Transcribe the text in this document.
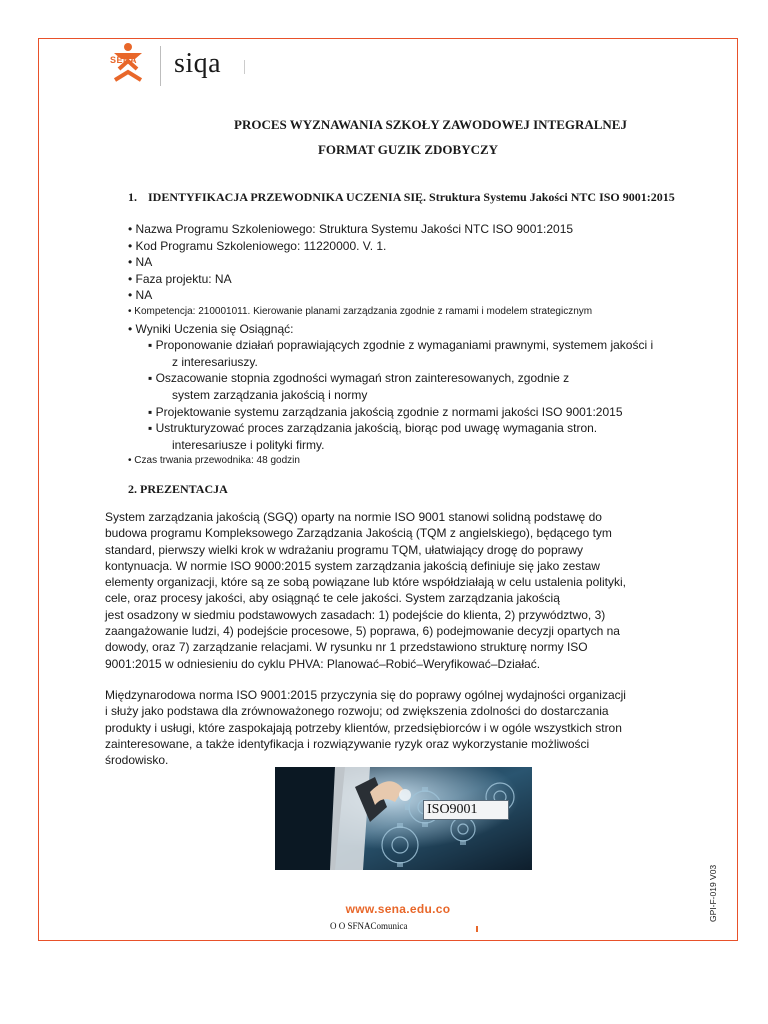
SENA siqa
PROCES WYZNAWANIA SZKOŁY ZAWODOWEJ INTEGRALNEJ
FORMAT GUZIK ZDOBYCZY
1. IDENTYFIKACJA PRZEWODNIKA UCZENIA SIĘ. Struktura Systemu Jakości NTC ISO 9001:2015
• Nazwa Programu Szkoleniowego: Struktura Systemu Jakości NTC ISO 9001:2015
• Kod Programu Szkoleniowego: 11220000. V. 1.
• NA
• Faza projektu: NA
• NA
• Kompetencja: 210001011. Kierowanie planami zarządzania zgodnie z ramami i modelem strategicznym
• Wyniki Uczenia się Osiągnąć:
▪ Proponowanie działań poprawiających zgodnie z wymaganiami prawnymi, systemem jakości i
z interesariuszy.
▪ Oszacowanie stopnia zgodności wymagań stron zainteresowanych, zgodnie z
system zarządzania jakością i normy
▪ Projektowanie systemu zarządzania jakością zgodnie z normami jakości ISO 9001:2015
▪ Ustrukturyzować proces zarządzania jakością, biorąc pod uwagę wymagania stron.
interesariusze i polityki firmy.
• Czas trwania przewodnika: 48 godzin
2. PREZENTACJA
System zarządzania jakością (SGQ) oparty na normie ISO 9001 stanowi solidną podstawę do
budowa programu Kompleksowego Zarządzania Jakością (TQM z angielskiego), będącego tym
standard, pierwszy wielki krok w wdrażaniu programu TQM, ułatwiający drogę do poprawy
kontynuacja. W normie ISO 9000:2015 system zarządzania jakością definiuje się jako zestaw
elementy organizacji, które są ze sobą powiązane lub które współdziałają w celu ustalenia polityki,
cele, oraz procesy jakości, aby osiągnąć te cele jakości. System zarządzania jakością
jest osadzony w siedmiu podstawowych zasadach: 1) podejście do klienta, 2) przywództwo, 3)
zaangażowanie ludzi, 4) podejście procesowe, 5) poprawa, 6) podejmowanie decyzji opartych na
dowody, oraz 7) zarządzanie relacjami. W rysunku nr 1 przedstawiono strukturę normy ISO
9001:2015 w odniesieniu do cyklu PHVA: Planować–Robić–Weryfikować–Działać.
Międzynarodowa norma ISO 9001:2015 przyczynia się do poprawy ogólnej wydajności organizacji
i służy jako podstawa dla zrównoważonego rozwoju; od zwiększenia zdolności do dostarczania
produkty i usługi, które zaspokajają potrzeby klientów, przedsiębiorców i w ogóle wszystkich stron
zainteresowane, a także identyfikacja i rozwiązywanie ryzyk oraz wykorzystanie możliwości
środowisko.
ISO9001
www.sena.edu.co
O O SFNAComunica
GPI-F-019 V03
